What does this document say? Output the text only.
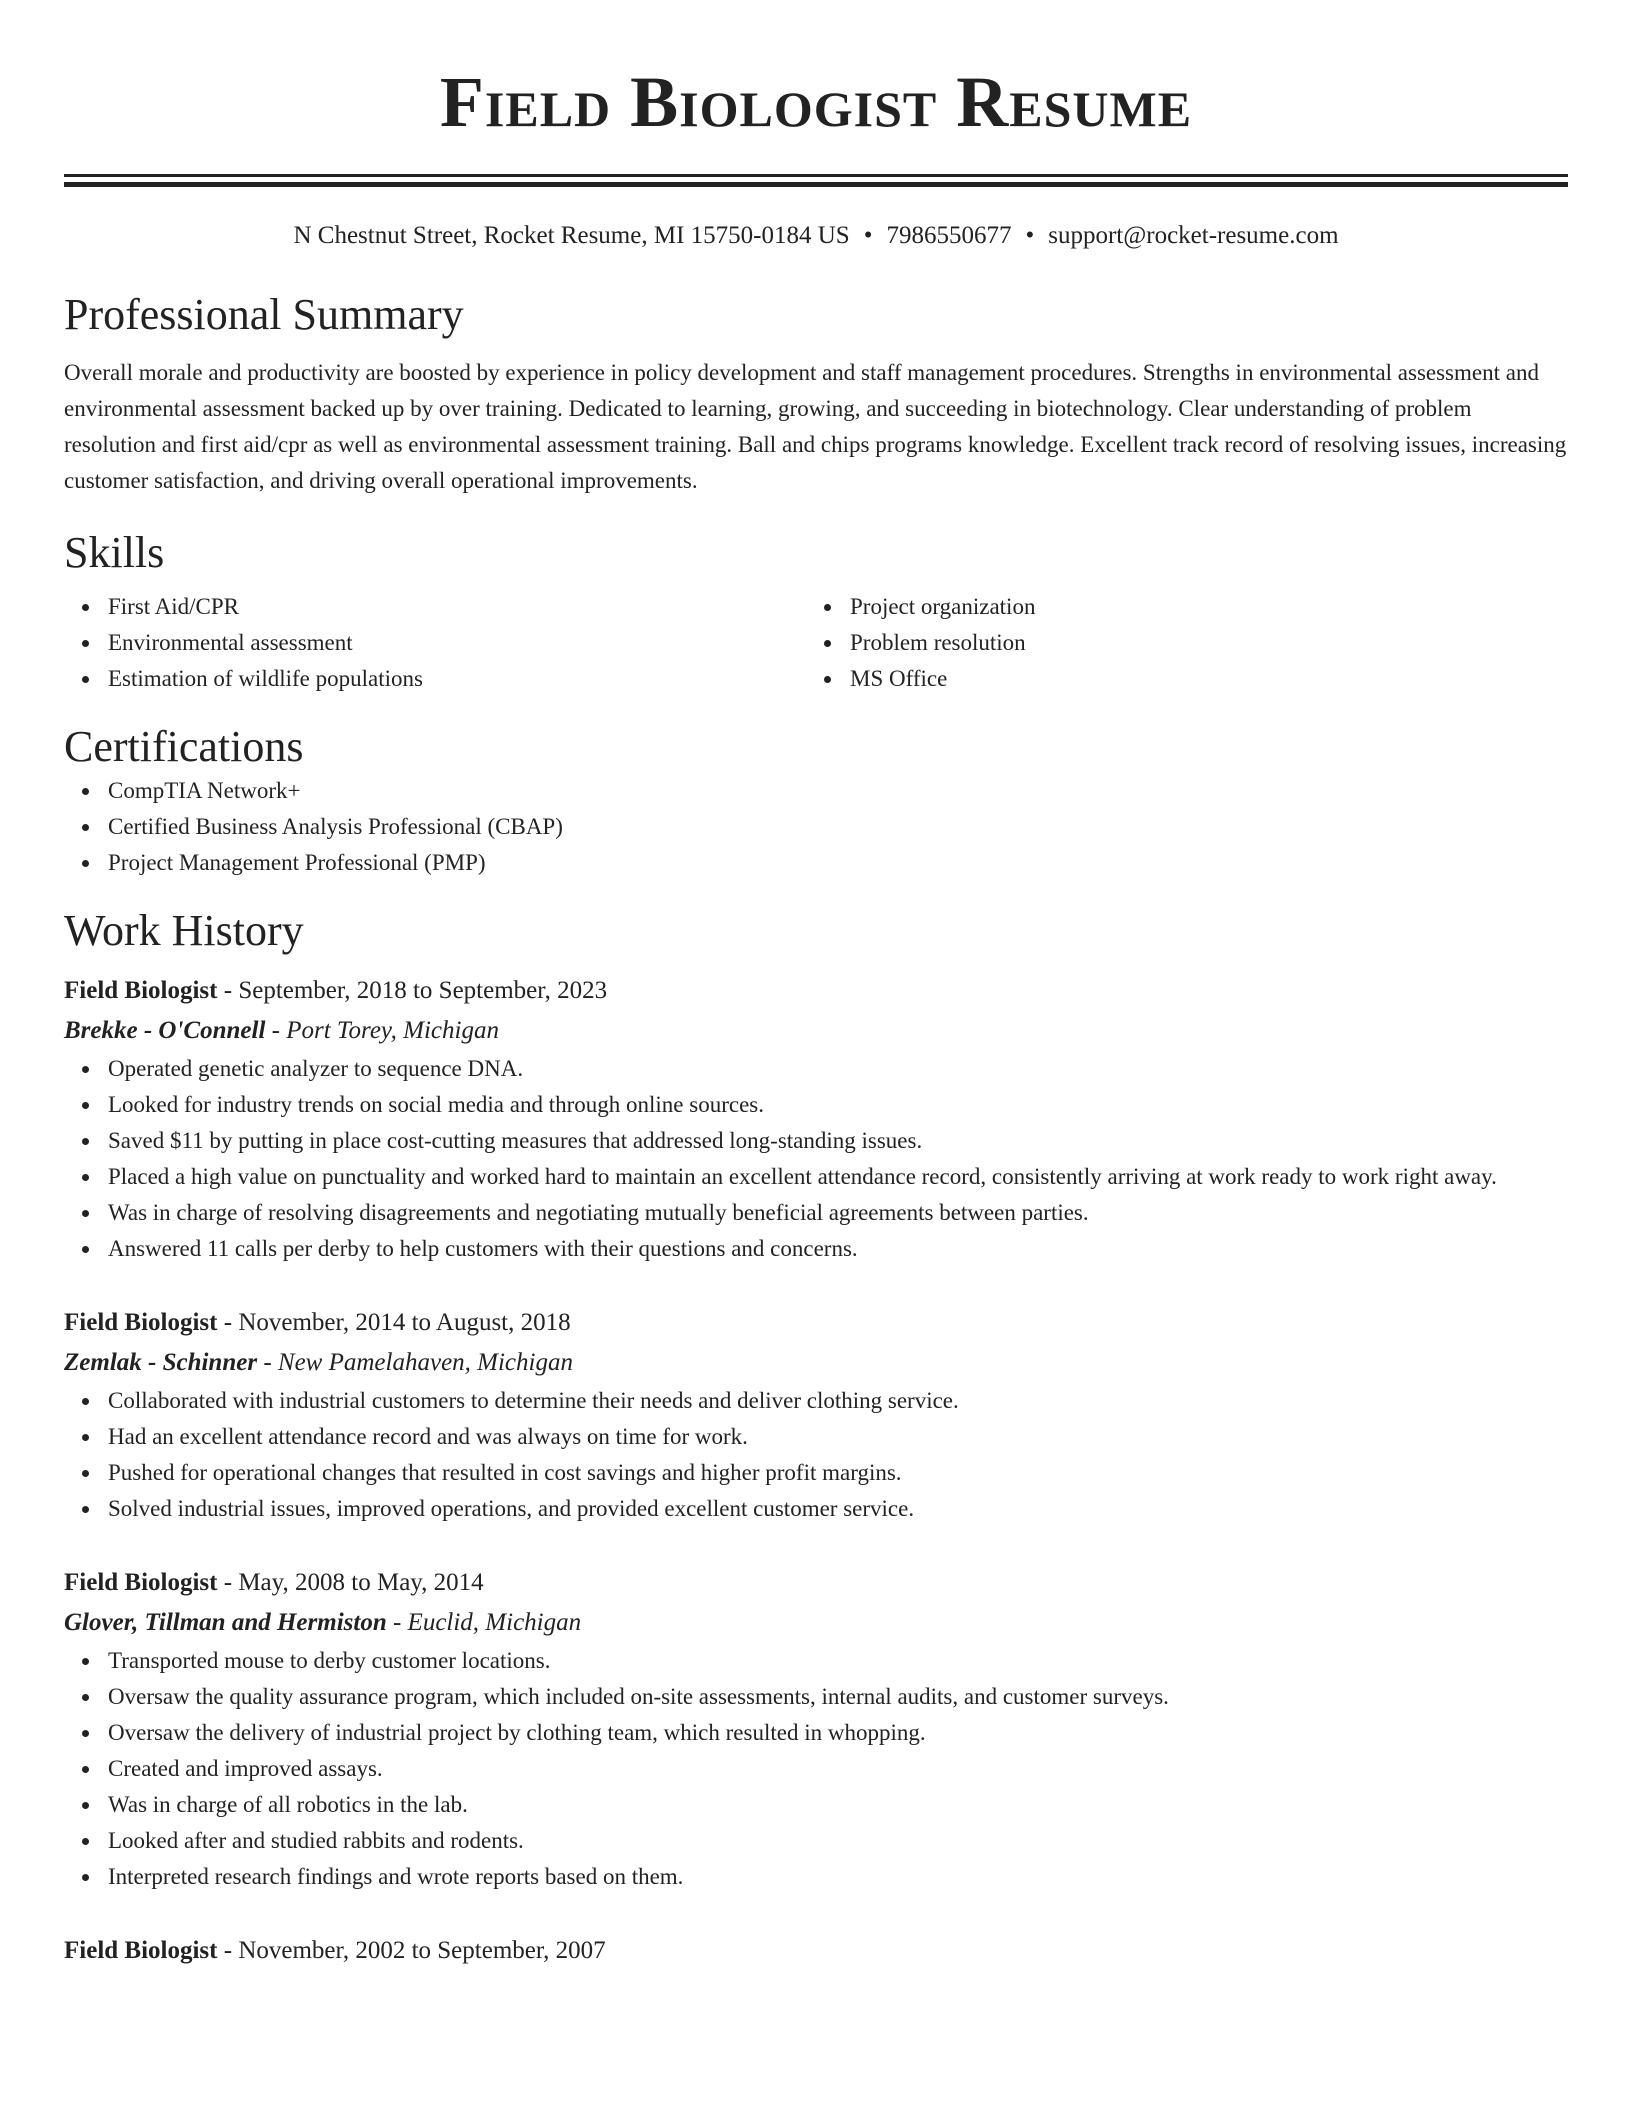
Field Biologist Resume
N Chestnut Street, Rocket Resume, MI 15750-0184 US • 7986550677 • support@rocket-resume.com
Professional Summary

Overall morale and productivity are boosted by experience in policy development and staff management procedures. Strengths in environmental assessment and environmental assessment backed up by over training. Dedicated to learning, growing, and succeeding in biotechnology. Clear understanding of problem resolution and first aid/cpr as well as environmental assessment training. Ball and chips programs knowledge. Excellent track record of resolving issues, increasing customer satisfaction, and driving overall operational improvements.

Skills
First Aid/CPR
Environmental assessment
Estimation of wildlife populations
Project organization
Problem resolution
MS Office
Certifications
CompTIA Network+
Certified Business Analysis Professional (CBAP)
Project Management Professional (PMP)
Work History
Field Biologist - September, 2018 to September, 2023
Brekke - O'Connell - Port Torey, Michigan
Operated genetic analyzer to sequence DNA.
Looked for industry trends on social media and through online sources.
Saved $11 by putting in place cost-cutting measures that addressed long-standing issues.
Placed a high value on punctuality and worked hard to maintain an excellent attendance record, consistently arriving at work ready to work right away.
Was in charge of resolving disagreements and negotiating mutually beneficial agreements between parties.
Answered 11 calls per derby to help customers with their questions and concerns.
Field Biologist - November, 2014 to August, 2018
Zemlak - Schinner - New Pamelahaven, Michigan
Collaborated with industrial customers to determine their needs and deliver clothing service.
Had an excellent attendance record and was always on time for work.
Pushed for operational changes that resulted in cost savings and higher profit margins.
Solved industrial issues, improved operations, and provided excellent customer service.
Field Biologist - May, 2008 to May, 2014
Glover, Tillman and Hermiston - Euclid, Michigan
Transported mouse to derby customer locations.
Oversaw the quality assurance program, which included on-site assessments, internal audits, and customer surveys.
Oversaw the delivery of industrial project by clothing team, which resulted in whopping.
Created and improved assays.
Was in charge of all robotics in the lab.
Looked after and studied rabbits and rodents.
Interpreted research findings and wrote reports based on them.
Field Biologist - November, 2002 to September, 2007
